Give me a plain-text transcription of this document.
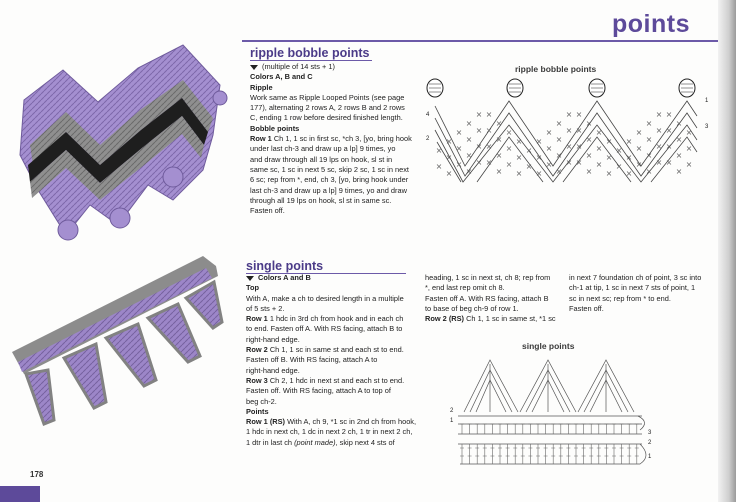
points
ripple bobble points

(multiple of 14 sts + 1)

Colors A, B and C

Ripple

Work same as Ripple Looped Points (see page

177), alternating 2 rows A, 2 rows B and 2 rows

C, ending 1 row before desired finished length.

Bobble points

Row 1 Ch 1, 1 sc in first sc, *ch 3, [yo, bring hook

under last ch-3 and draw up a lp] 9 times, yo

and draw through all 19 lps on hook, sl st in

same sc, 1 sc in next 5 sc, skip 2 sc, 1 sc in next

6 sc; rep from *, end, ch 3, [yo, bring hook under

last ch-3 and draw up a lp] 9 times, yo and draw

through all 19 lps on hook, sl st in same sc.

Fasten off.

ripple bobble points
4
3
2
1
single points

Colors A and B

Top

With A, make a ch to desired length in a multiple

of 5 sts + 2.

Row 1 1 hdc in 3rd ch from hook and in each ch

to end. Fasten off A. With RS facing, attach B to

right-hand edge.

Row 2 Ch 1, 1 sc in same st and each st to end.

Fasten off B. With RS facing, attach A to

right-hand edge.

Row 3 Ch 2, 1 hdc in next st and each st to end.

Fasten off. With RS facing, attach A to top of

beg ch-2.

Points

Row 1 (RS) With A, ch 9, *1 sc in 2nd ch from hook,

1 hdc in next ch, 1 dc in next 2 ch, 1 tr in next 2 ch,

1 dtr in last ch (point made), skip next 4 sts of

heading, 1 sc in next st, ch 8; rep from

*, end last rep omit ch 8.

Fasten off A. With RS facing, attach B

to base of beg ch-9 of row 1.

Row 2 (RS) Ch 1, 1 sc in same st, *1 sc

in next 7 foundation ch of point, 3 sc into

ch-1 at tip, 1 sc in next 7 sts of point, 1

sc in next sc; rep from * to end.

Fasten off.

single points
3
2
1
2
1
178
